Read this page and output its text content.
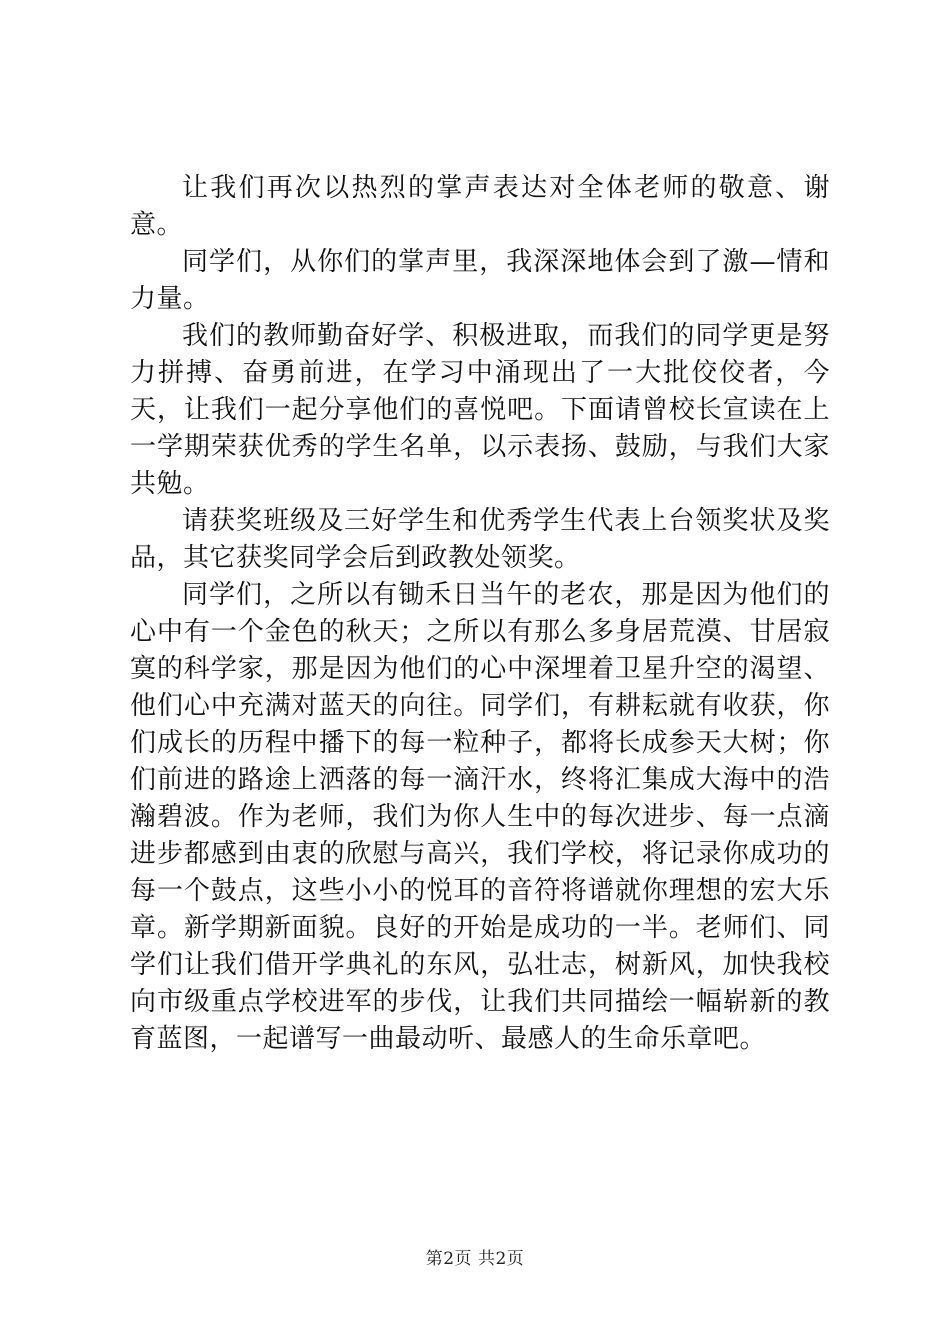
让我们再次以热烈的掌声表达对全体老师的敬意、谢意。

同学们，从你们的掌声里，我深深地体会到了激—情和力量。

我们的教师勤奋好学、积极进取，而我们的同学更是努力拼搏、奋勇前进，在学习中涌现出了一大批佼佼者，今天，让我们一起分享他们的喜悦吧。下面请曾校长宣读在上一学期荣获优秀的学生名单，以示表扬、鼓励，与我们大家共勉。

请获奖班级及三好学生和优秀学生代表上台领奖状及奖品，其它获奖同学会后到政教处领奖。

同学们，之所以有锄禾日当午的老农，那是因为他们的心中有一个金色的秋天；之所以有那么多身居荒漠、甘居寂寞的科学家，那是因为他们的心中深埋着卫星升空的渴望、他们心中充满对蓝天的向往。同学们，有耕耘就有收获，你们成长的历程中播下的每一粒种子，都将长成参天大树；你们前进的路途上洒落的每一滴汗水，终将汇集成大海中的浩瀚碧波。作为老师，我们为你人生中的每次进步、每一点滴进步都感到由衷的欣慰与高兴，我们学校，将记录你成功的每一个鼓点，这些小小的悦耳的音符将谱就你理想的宏大乐章。新学期新面貌。良好的开始是成功的一半。老师们、同学们让我们借开学典礼的东风，弘壮志，树新风，加快我校向市级重点学校进军的步伐，让我们共同描绘一幅崭新的教育蓝图，一起谱写一曲最动听、最感人的生命乐章吧。

第2页 共2页
